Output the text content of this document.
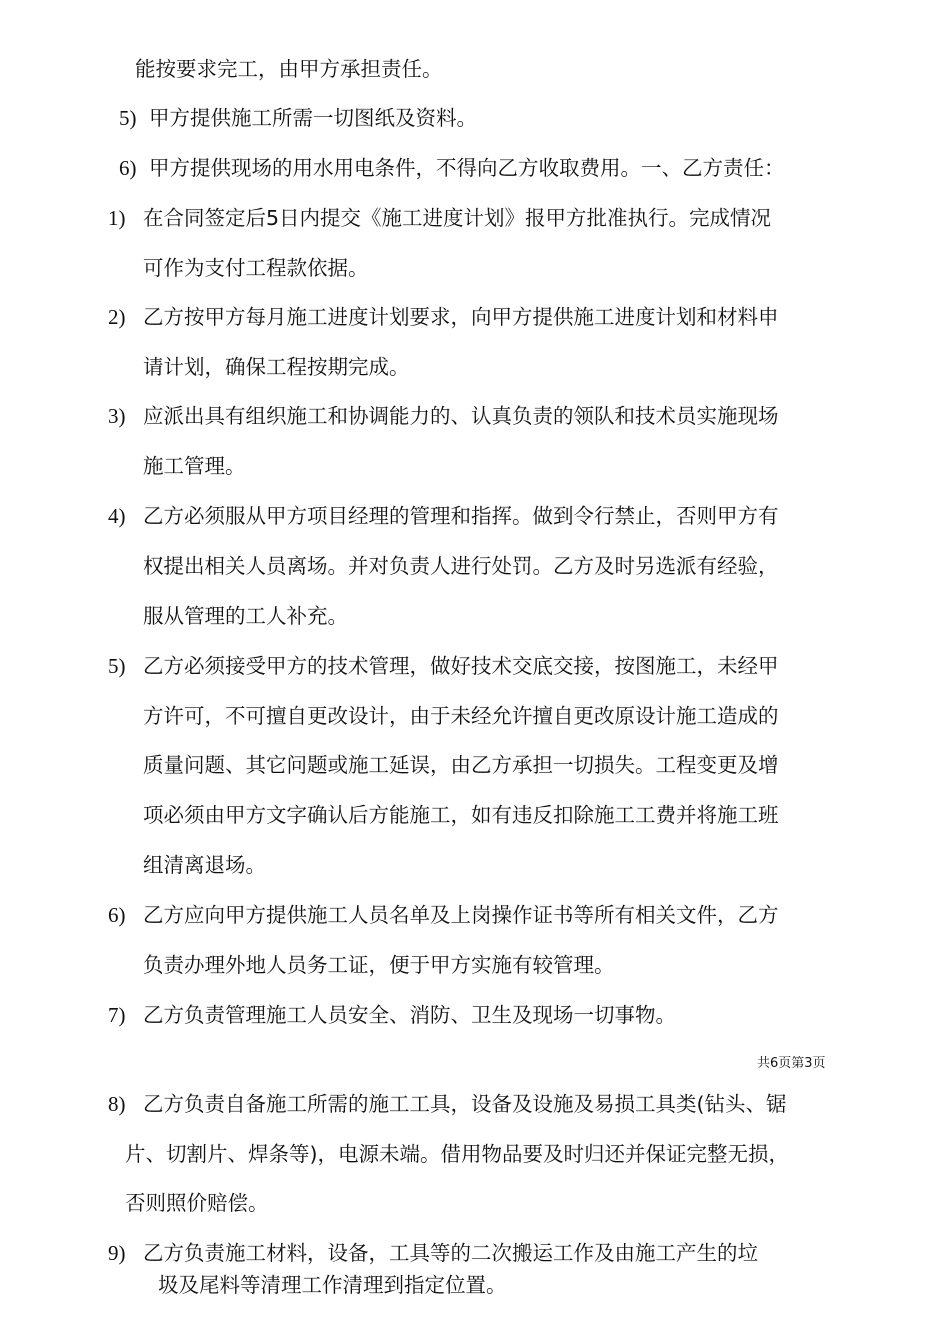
能按要求完工，由甲方承担责任。
5) 甲方提供施工所需一切图纸及资料。
6) 甲方提供现场的用水用电条件，不得向乙方收取费用。一、乙方责任：
1) 在合同签定后5日内提交《施工进度计划》报甲方批准执行。完成情况
可作为支付工程款依据。
2) 乙方按甲方每月施工进度计划要求，向甲方提供施工进度计划和材料申
请计划，确保工程按期完成。
3) 应派出具有组织施工和协调能力的、认真负责的领队和技术员实施现场
施工管理。
4) 乙方必须服从甲方项目经理的管理和指挥。做到令行禁止，否则甲方有
权提出相关人员离场。并对负责人进行处罚。乙方及时另选派有经验，
服从管理的工人补充。
5) 乙方必须接受甲方的技术管理，做好技术交底交接，按图施工，未经甲
方许可，不可擅自更改设计，由于未经允许擅自更改原设计施工造成的
质量问题、其它问题或施工延误，由乙方承担一切损失。工程变更及增
项必须由甲方文字确认后方能施工，如有违反扣除施工工费并将施工班
组清离退场。
6) 乙方应向甲方提供施工人员名单及上岗操作证书等所有相关文件，乙方
负责办理外地人员务工证，便于甲方实施有较管理。
7) 乙方负责管理施工人员安全、消防、卫生及现场一切事物。
共6页第3页
8) 乙方负责自备施工所需的施工工具，设备及设施及易损工具类(钻头、锯
片、切割片、焊条等)，电源未端。借用物品要及时归还并保证完整无损，
否则照价赔偿。
9) 乙方负责施工材料，设备，工具等的二次搬运工作及由施工产生的垃
圾及尾料等清理工作清理到指定位置。
